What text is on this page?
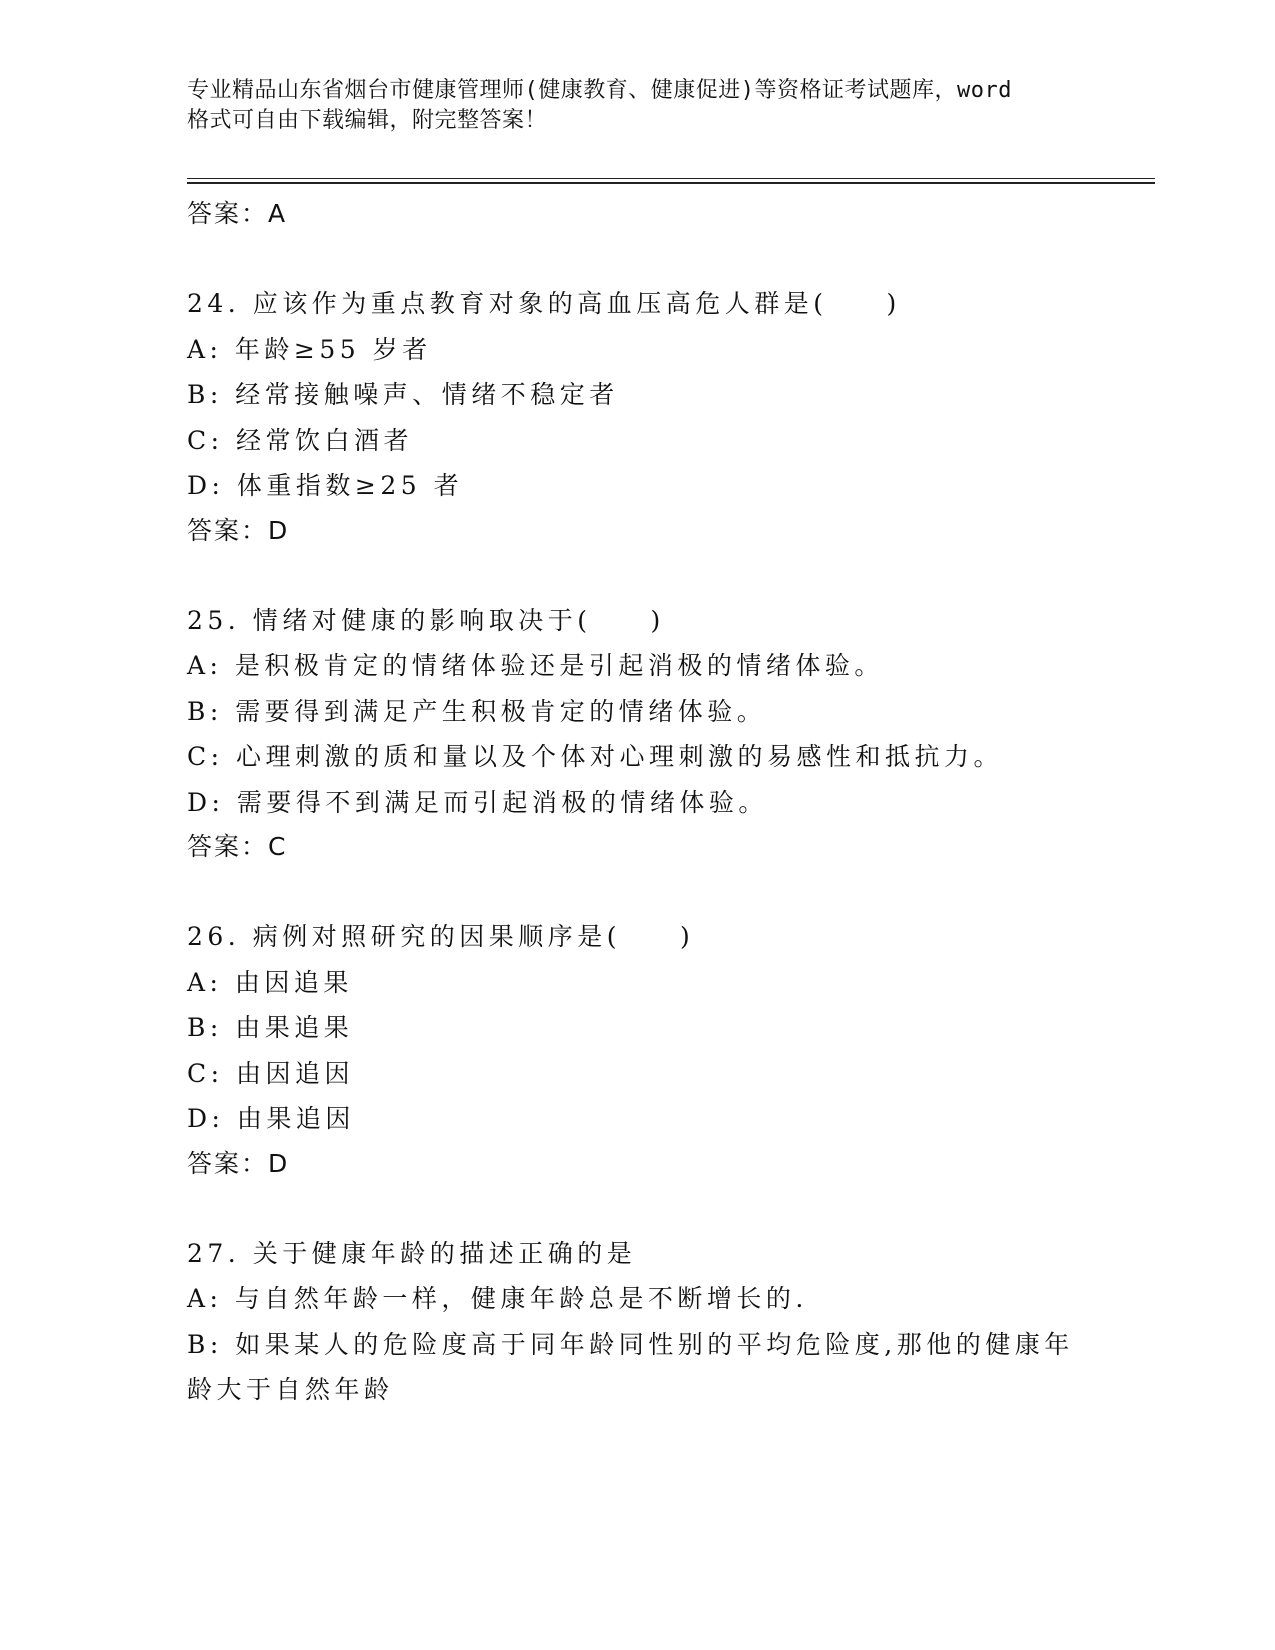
专业精品山东省烟台市健康管理师(健康教育、健康促进)等资格证考试题库，word
格式可自由下载编辑，附完整答案！
答案：A
24. 应该作为重点教育对象的高血压高危人群是(　　)
A: 年龄≥55 岁者
B: 经常接触噪声、情绪不稳定者
C: 经常饮白酒者
D: 体重指数≥25 者
答案：D
25. 情绪对健康的影响取决于(　　)
A: 是积极肯定的情绪体验还是引起消极的情绪体验。
B: 需要得到满足产生积极肯定的情绪体验。
C: 心理刺激的质和量以及个体对心理刺激的易感性和抵抗力。
D: 需要得不到满足而引起消极的情绪体验。
答案：C
26. 病例对照研究的因果顺序是(　　)
A: 由因追果
B: 由果追果
C: 由因追因
D: 由果追因
答案：D
27. 关于健康年龄的描述正确的是
A: 与自然年龄一样，健康年龄总是不断增长的.
B: 如果某人的危险度高于同年龄同性别的平均危险度,那他的健康年
龄大于自然年龄
